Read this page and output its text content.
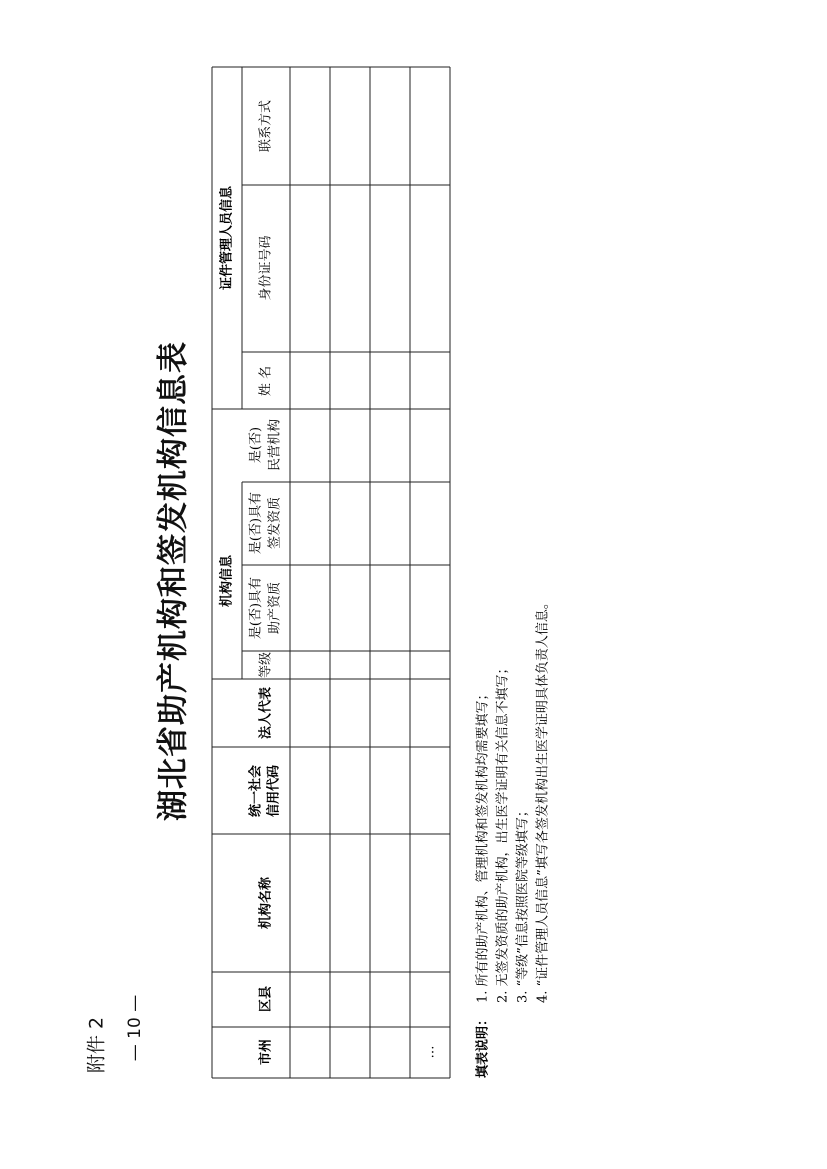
附件 2
湖北省助产机构和签发机构信息表
— 10 —	市州
区县
机构名称
统一社会 信用代码
法人代表
机构信息
等级
是(否)具有 助产资质
是(否)具有 签发资质
是(否) 民营机构
证件管理人员信息
姓 名
身份证号码
联系方式
…	填表说明：
1. 所有的助产机构、管理机构和签发机构均需要填写； 2. 无签发资质的助产机构，出生医学证明有关信息不填写； 3. “等级”信息按照医院等级填写； 4. “证件管理人员信息”填写各签发机构出生医学证明具体负责人信息。
